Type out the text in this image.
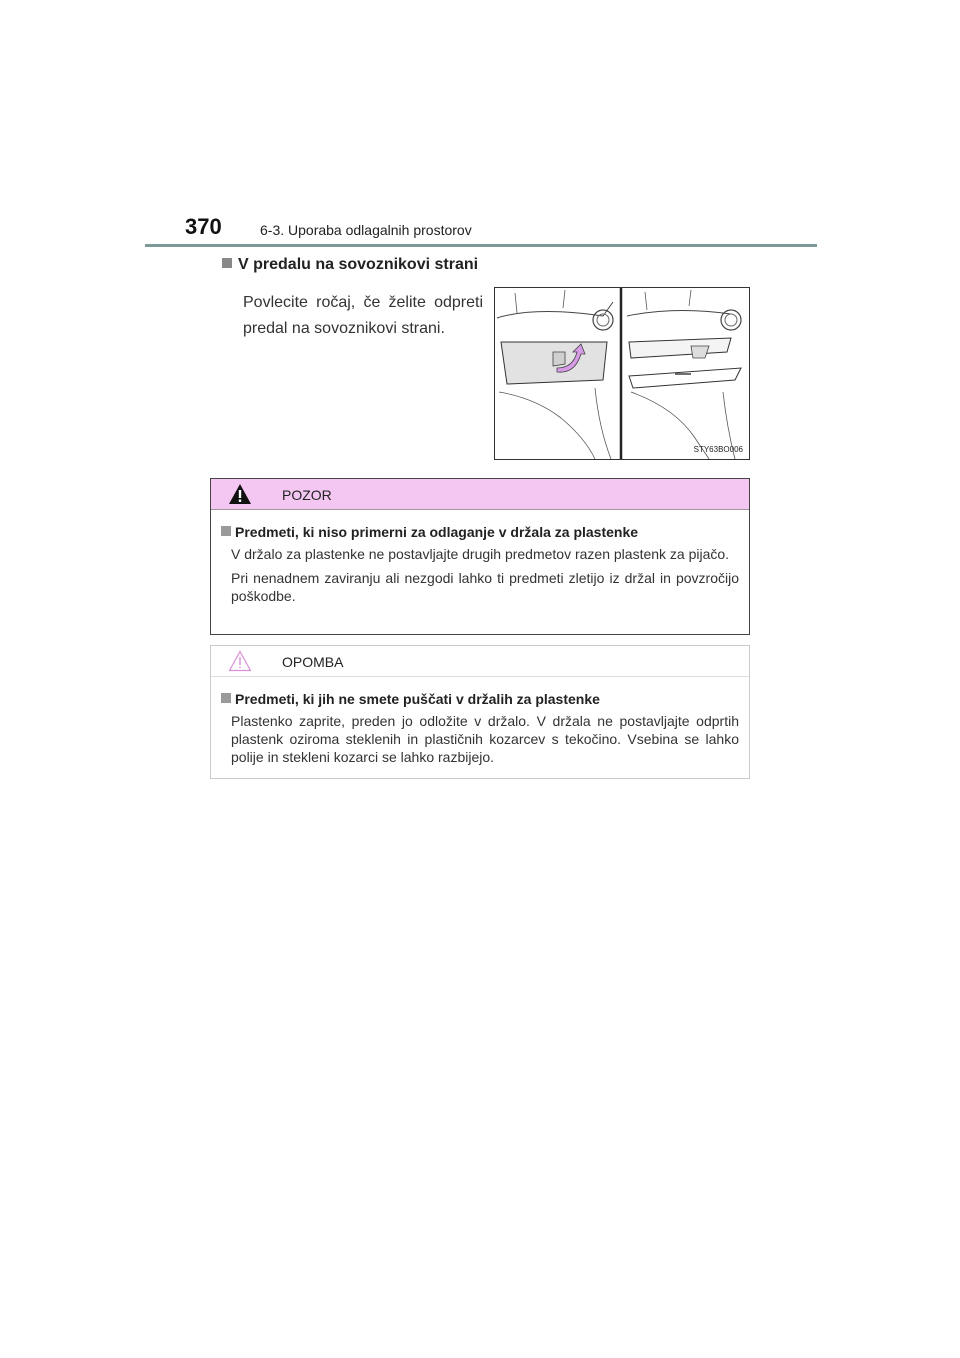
370	6-3. Uporaba odlagalnih prostorov
V predalu na sovoznikovi strani
Povlecite ročaj, če želite odpreti predal na sovoznikovi strani.
STY63BO006
POZOR
Predmeti, ki niso primerni za odlaganje v držala za plastenke

V držalo za plastenke ne postavljajte drugih predmetov razen plastenk za pijačo.

Pri nenadnem zaviranju ali nezgodi lahko ti predmeti zletijo iz držal in povzročijo poškodbe.

OPOMBA
Predmeti, ki jih ne smete puščati v držalih za plastenke

Plastenko zaprite, preden jo odložite v držalo. V držala ne postavljajte odprtih plastenk oziroma steklenih in plastičnih kozarcev s tekočino. Vsebina se lahko polije in stekleni kozarci se lahko razbijejo.
